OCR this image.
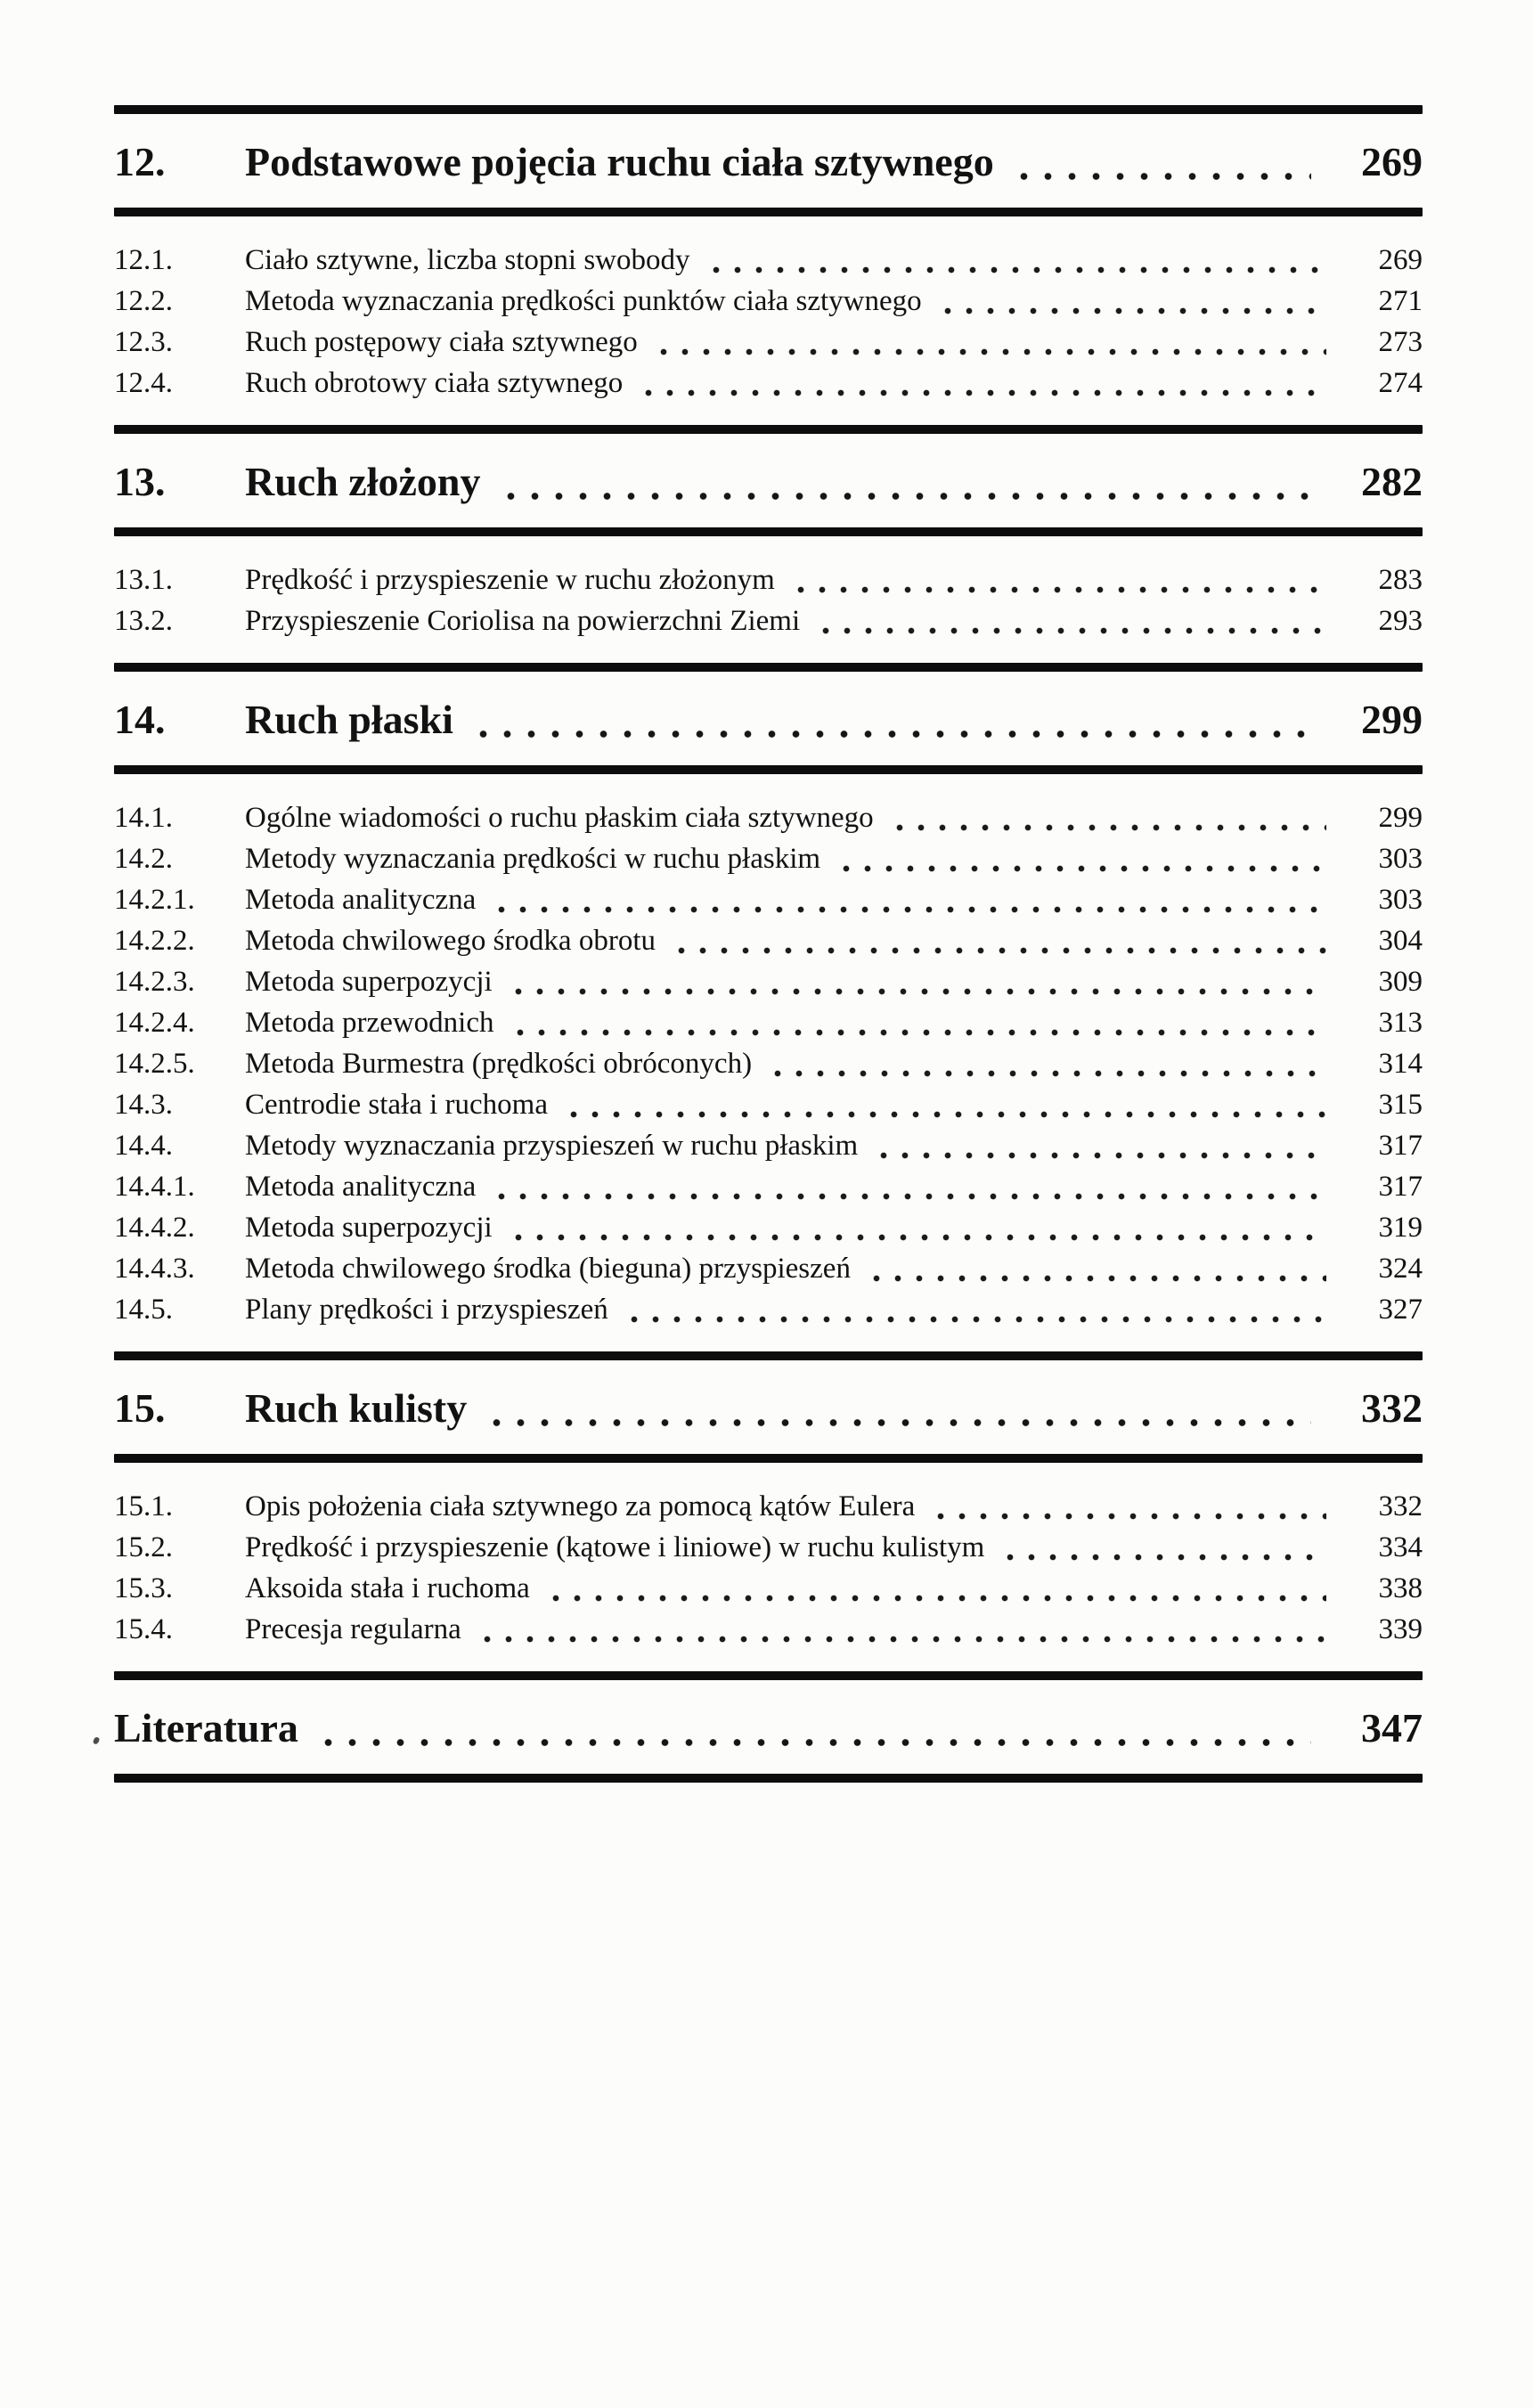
12.	Podstawowe pojęcia ruchu ciała sztywnego	269
12.1.	Ciało sztywne, liczba stopni swobody	269
12.2.	Metoda wyznaczania prędkości punktów ciała sztywnego	271
12.3.	Ruch postępowy ciała sztywnego	273
12.4.	Ruch obrotowy ciała sztywnego	274
13.	Ruch złożony	282
13.1.	Prędkość i przyspieszenie w ruchu złożonym	283
13.2.	Przyspieszenie Coriolisa na powierzchni Ziemi	293
14.	Ruch płaski	299
14.1.	Ogólne wiadomości o ruchu płaskim ciała sztywnego	299
14.2.	Metody wyznaczania prędkości w ruchu płaskim	303
14.2.1.	Metoda analityczna	303
14.2.2.	Metoda chwilowego środka obrotu	304
14.2.3.	Metoda superpozycji	309
14.2.4.	Metoda przewodnich	313
14.2.5.	Metoda Burmestra (prędkości obróconych)	314
14.3.	Centrodie stała i ruchoma	315
14.4.	Metody wyznaczania przyspieszeń w ruchu płaskim	317
14.4.1.	Metoda analityczna	317
14.4.2.	Metoda superpozycji	319
14.4.3.	Metoda chwilowego środka (bieguna) przyspieszeń	324
14.5.	Plany prędkości i przyspieszeń	327
15.	Ruch kulisty	332
15.1.	Opis położenia ciała sztywnego za pomocą kątów Eulera	332
15.2.	Prędkość i przyspieszenie (kątowe i liniowe) w ruchu kulistym	334
15.3.	Aksoida stała i ruchoma	338
15.4.	Precesja regularna	339
Literatura	347
